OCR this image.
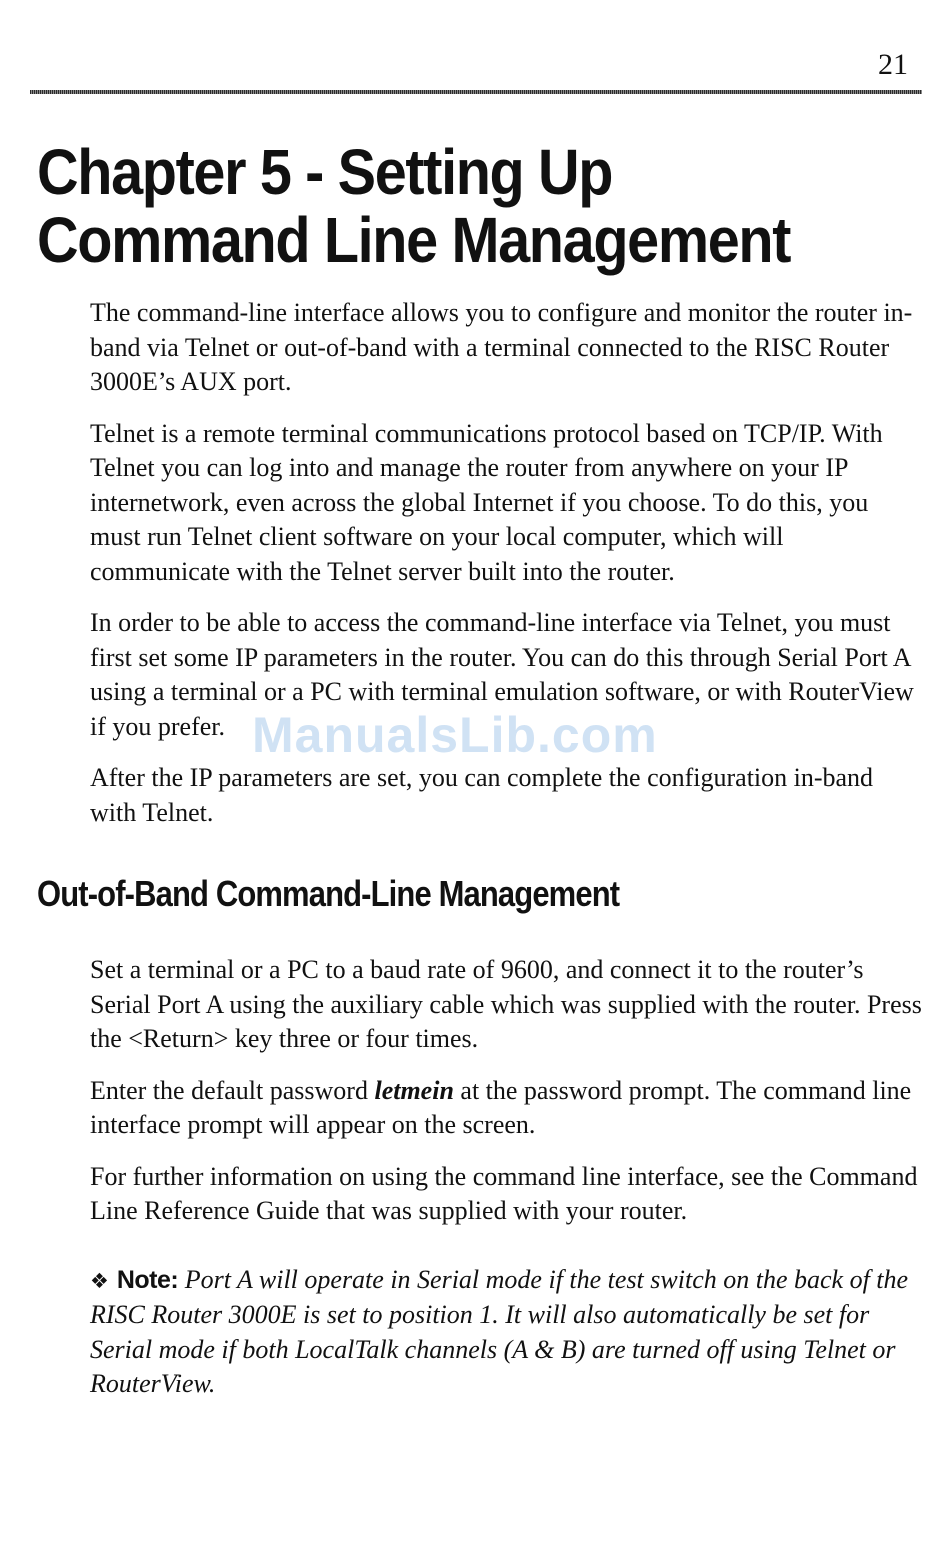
21
Chapter 5 - Setting Up
Command Line Management

The command-line interface allows you to configure and monitor the router in-band via Telnet or out-of-band with a terminal connected to the RISC Router 3000E’s AUX port.

Telnet is a remote terminal communications protocol based on TCP/IP. With Telnet you can log into and manage the router from anywhere on your IP internetwork, even across the global Internet if you choose. To do this, you must run Telnet client software on your local computer, which will communicate with the Telnet server built into the router.

In order to be able to access the command-line interface via Telnet, you must first set some IP parameters in the router. You can do this through Serial Port A using a terminal or a PC with terminal emulation software, or with RouterView if you prefer.

After the IP parameters are set, you can complete the configuration in-band with Telnet.

ManualsLib.com
Out-of-Band Command-Line Management

Set a terminal or a PC to a baud rate of 9600, and connect it to the router’s Serial Port A using the auxiliary cable which was supplied with the router. Press the <Return> key three or four times.

Enter the default password letmein at the password prompt. The command line interface prompt will appear on the screen.

For further information on using the command line interface, see the Command Line Reference Guide that was supplied with your router.

❖ Note: Port A will operate in Serial mode if the test switch on the back of the RISC Router 3000E is set to position 1. It will also automatically be set for Serial mode if both LocalTalk channels (A & B) are turned off using Telnet or RouterView.
